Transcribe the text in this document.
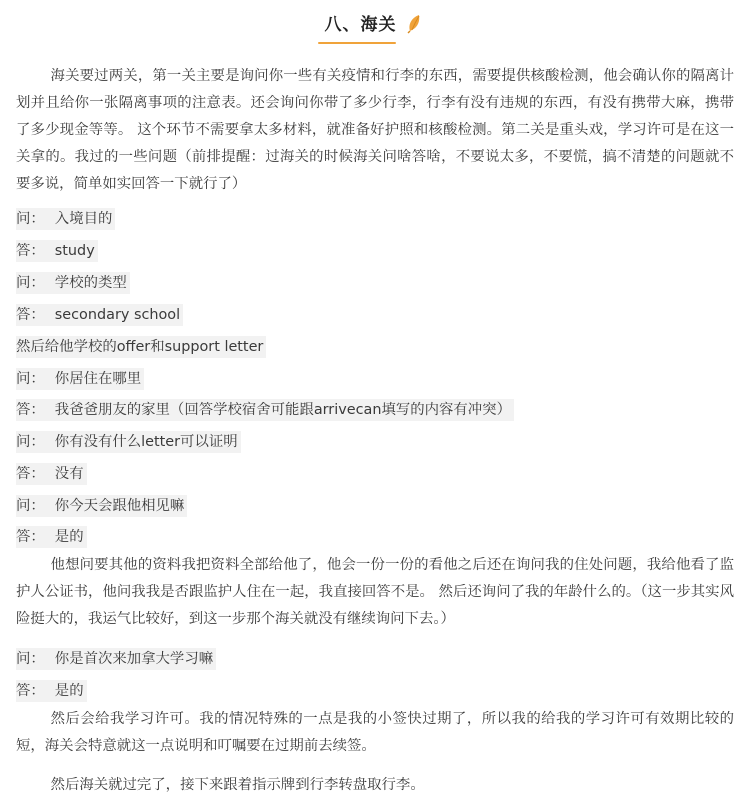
八、海关

海关要过两关，第一关主要是询问你一些有关疫情和行李的东西，需要提供核酸检测，他会确认你的隔离计划并且给你一张隔离事项的注意表。还会询问你带了多少行李，行李有没有违规的东西，有没有携带大麻，携带了多少现金等等。 这个环节不需要拿太多材料，就准备好护照和核酸检测。第二关是重头戏，学习许可是在这一关拿的。我过的一些问题（前排提醒：过海关的时候海关问啥答啥，不要说太多，不要慌，搞不清楚的问题就不要多说，简单如实回答一下就行了）

问： 入境目的
答： study
问： 学校的类型
答： secondary school
然后给他学校的offer和support letter
问： 你居住在哪里
答： 我爸爸朋友的家里（回答学校宿舍可能跟arrivecan填写的内容有冲突）
问： 你有没有什么letter可以证明
答： 没有
问： 你今天会跟他相见嘛
答： 是的

他想问要其他的资料我把资料全部给他了，他会一份一份的看他之后还在询问我的住处问题，我给他看了监护人公证书，他问我我是否跟监护人住在一起，我直接回答不是。 然后还询问了我的年龄什么的。（这一步其实风险挺大的，我运气比较好，到这一步那个海关就没有继续询问下去。）

问： 你是首次来加拿大学习嘛
答： 是的

然后会给我学习许可。我的情况特殊的一点是我的小签快过期了，所以我的给我的学习许可有效期比较的短，海关会特意就这一点说明和叮嘱要在过期前去续签。

然后海关就过完了，接下来跟着指示牌到行李转盘取行李。
